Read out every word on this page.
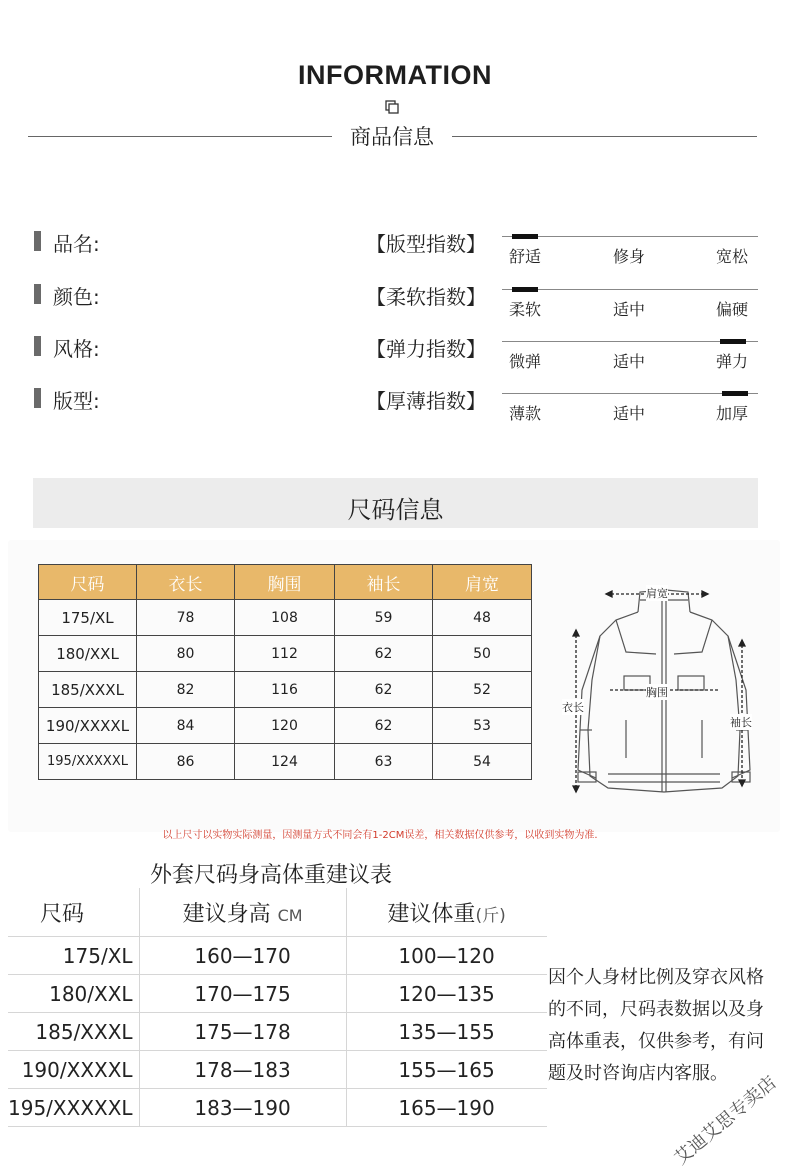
INFORMATION
商品信息
品名:
颜色:
风格:
版型:
【版型指数】
舒适	修身	宽松
【柔软指数】
柔软	适中	偏硬
【弹力指数】
微弹	适中	弹力
【厚薄指数】
薄款	适中	加厚
尺码信息
尺码	衣长	胸围	袖长	肩宽
175/XL	78	108	59	48
180/XXL	80	112	62	50
185/XXXL	82	116	62	52
190/XXXXL	84	120	62	53
195/XXXXXL	86	124	63	54
肩宽
胸围
衣长
袖长
以上尺寸以实物实际测量，因测量方式不同会有1-2CM误差，相关数据仅供参考，以收到实物为准.
外套尺码身高体重建议表
尺码	建议身高 CM	建议体重(斤)
175/XL	160—170	100—120
180/XXL	170—175	120—135
185/XXXL	175—178	135—155
190/XXXXL	178—183	155—165
195/XXXXXL	183—190	165—190
因个人身材比例及穿衣风格的不同，尺码表数据以及身高体重表，仅供参考，有问题及时咨询店内客服。
艾迪艾思专卖店
